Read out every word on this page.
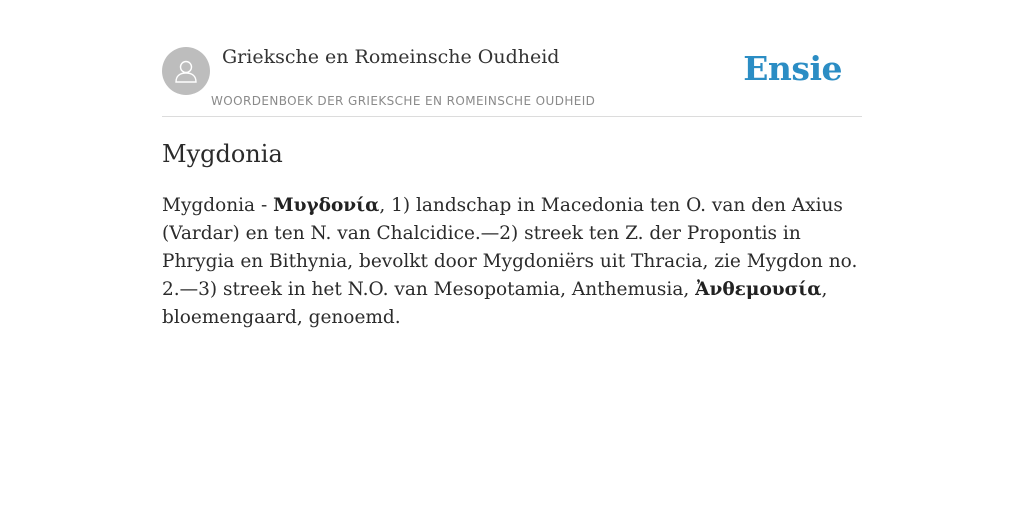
Grieksche en Romeinsche Oudheid
WOORDENBOEK DER GRIEKSCHE EN ROMEINSCHE OUDHEID
Ensie
Mygdonia
Mygdonia - Μυγδονία, 1) landschap in Macedonia ten O. van den Axius (Vardar) en ten N. van Chalcidice.—2) streek ten Z. der Propontis in Phrygia en Bithynia, bevolkt door Mygdoniërs uit Thracia, zie Mygdon no. 2.—3) streek in het N.O. van Mesopotamia, Anthemusia, Ἀνθεμουσία, bloemengaard, genoemd.
